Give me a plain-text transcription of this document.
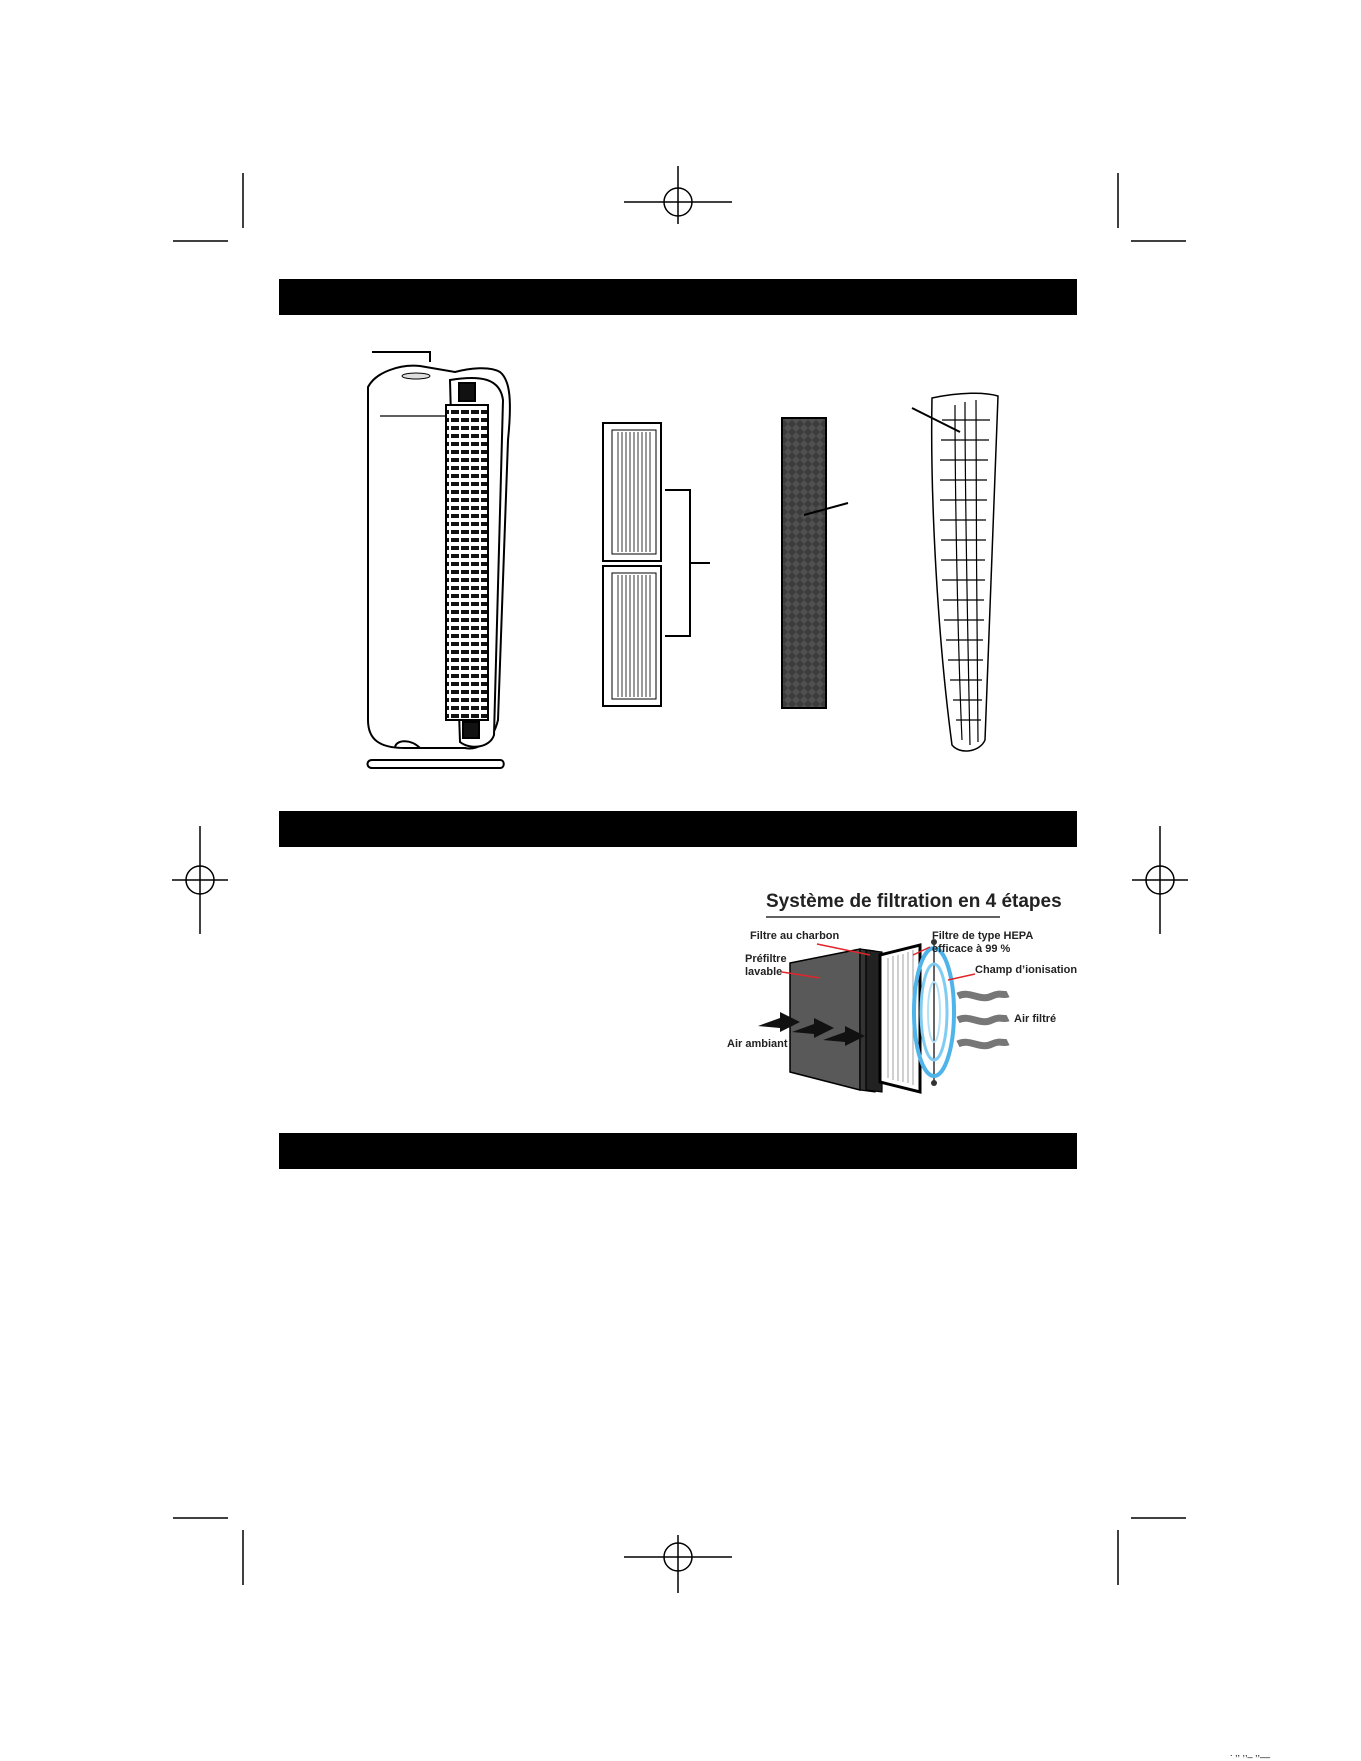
. ,, ,,_ ,,__
Système de filtration en 4 étapes
Filtre au charbon	Filtre de type HEPA
efficace à 99 %
Préfiltre
lavable	Champ d’ionisation
Air filtré
Air ambiant
